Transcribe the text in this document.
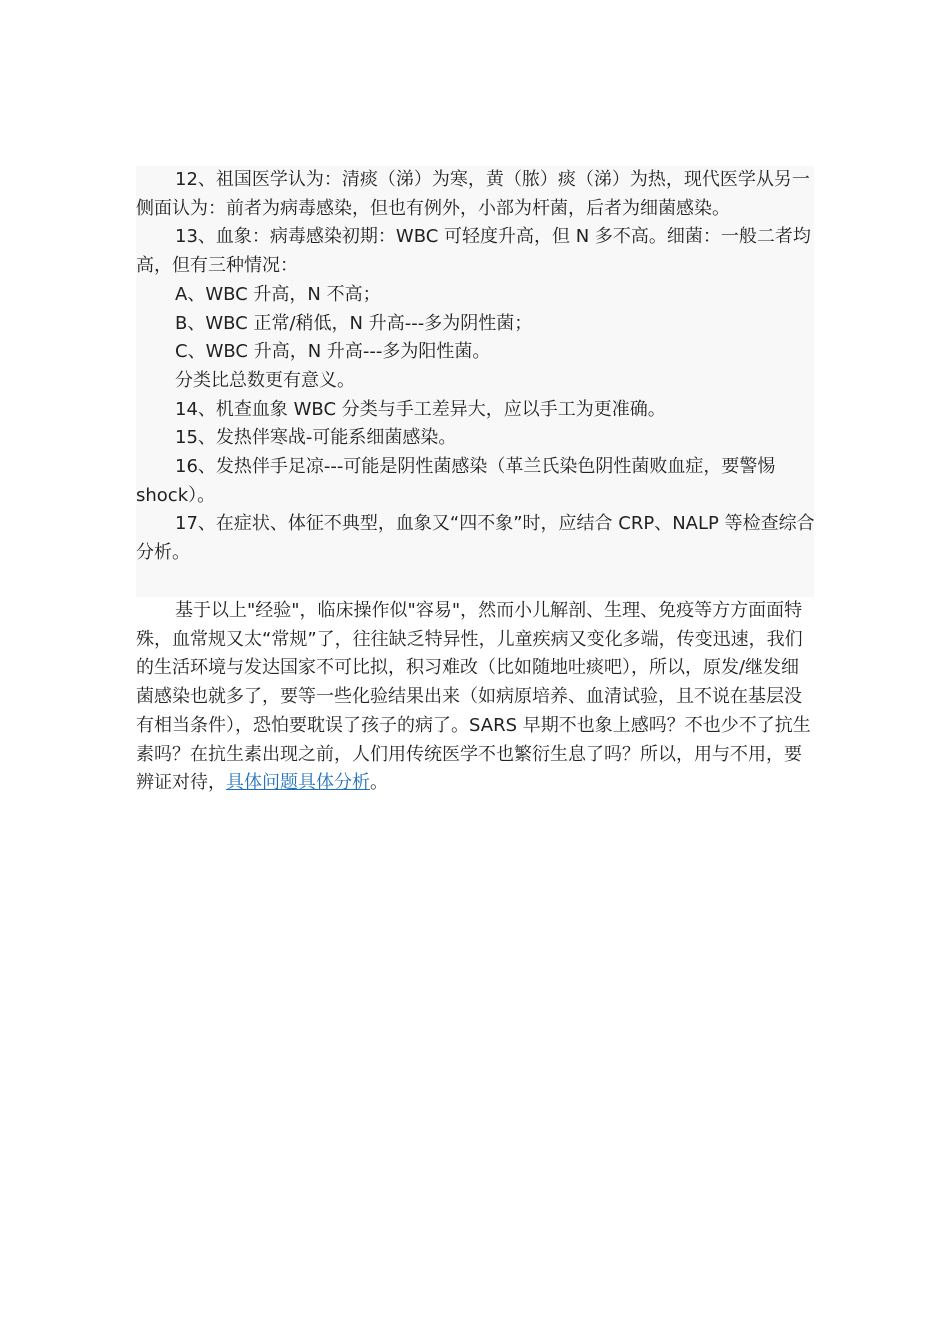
12、祖国医学认为：清痰（涕）为寒，黄（脓）痰（涕）为热，现代医学从另一侧面认为：前者为病毒感染，但也有例外，小部为杆菌，后者为细菌感染。

13、血象：病毒感染初期：WBC 可轻度升高，但 N 多不高。细菌：一般二者均高，但有三种情况：

A、WBC 升高，N 不高；

B、WBC 正常/稍低，N 升高---多为阴性菌；

C、WBC 升高，N 升高---多为阳性菌。

分类比总数更有意义。

14、机查血象 WBC 分类与手工差异大，应以手工为更准确。

15、发热伴寒战-可能系细菌感染。

16、发热伴手足凉---可能是阴性菌感染（革兰氏染色阴性菌败血症，要警惕 shock）。

17、在症状、体征不典型，血象又“四不象”时，应结合 CRP、NALP 等检查综合分析。

基于以上"经验"，临床操作似"容易"，然而小儿解剖、生理、免疫等方方面面特殊，血常规又太“常规”了，往往缺乏特异性，儿童疾病又变化多端，传变迅速，我们的生活环境与发达国家不可比拟，积习难改（比如随地吐痰吧），所以，原发/继发细菌感染也就多了，要等一些化验结果出来（如病原培养、血清试验，且不说在基层没有相当条件），恐怕要耽误了孩子的病了。SARS 早期不也象上感吗？不也少不了抗生素吗？在抗生素出现之前，人们用传统医学不也繁衍生息了吗？所以，用与不用，要辨证对待，具体问题具体分析。
